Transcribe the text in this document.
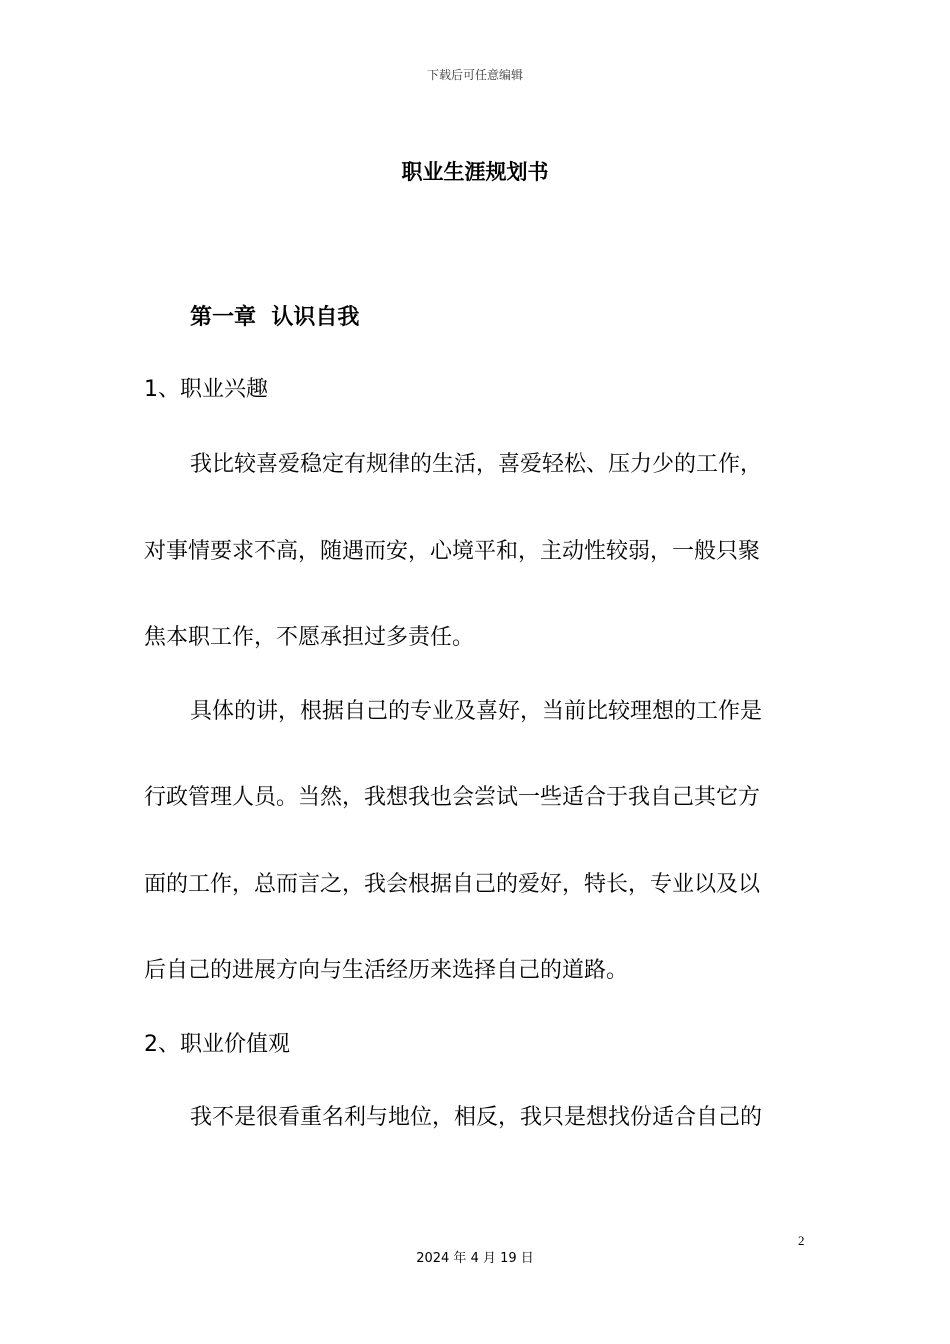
下载后可任意编辑
职业生涯规划书
第一章  认识自我
1、职业兴趣
我比较喜爱稳定有规律的生活，喜爱轻松、压力少的工作，
对事情要求不高，随遇而安，心境平和，主动性较弱，一般只聚
焦本职工作，不愿承担过多责任。
具体的讲，根据自己的专业及喜好，当前比较理想的工作是
行政管理人员。当然，我想我也会尝试一些适合于我自己其它方
面的工作，总而言之，我会根据自己的爱好，特长，专业以及以
后自己的进展方向与生活经历来选择自己的道路。
2、职业价值观
我不是很看重名利与地位，相反，我只是想找份适合自己的
2
2024 年 4 月 19 日
